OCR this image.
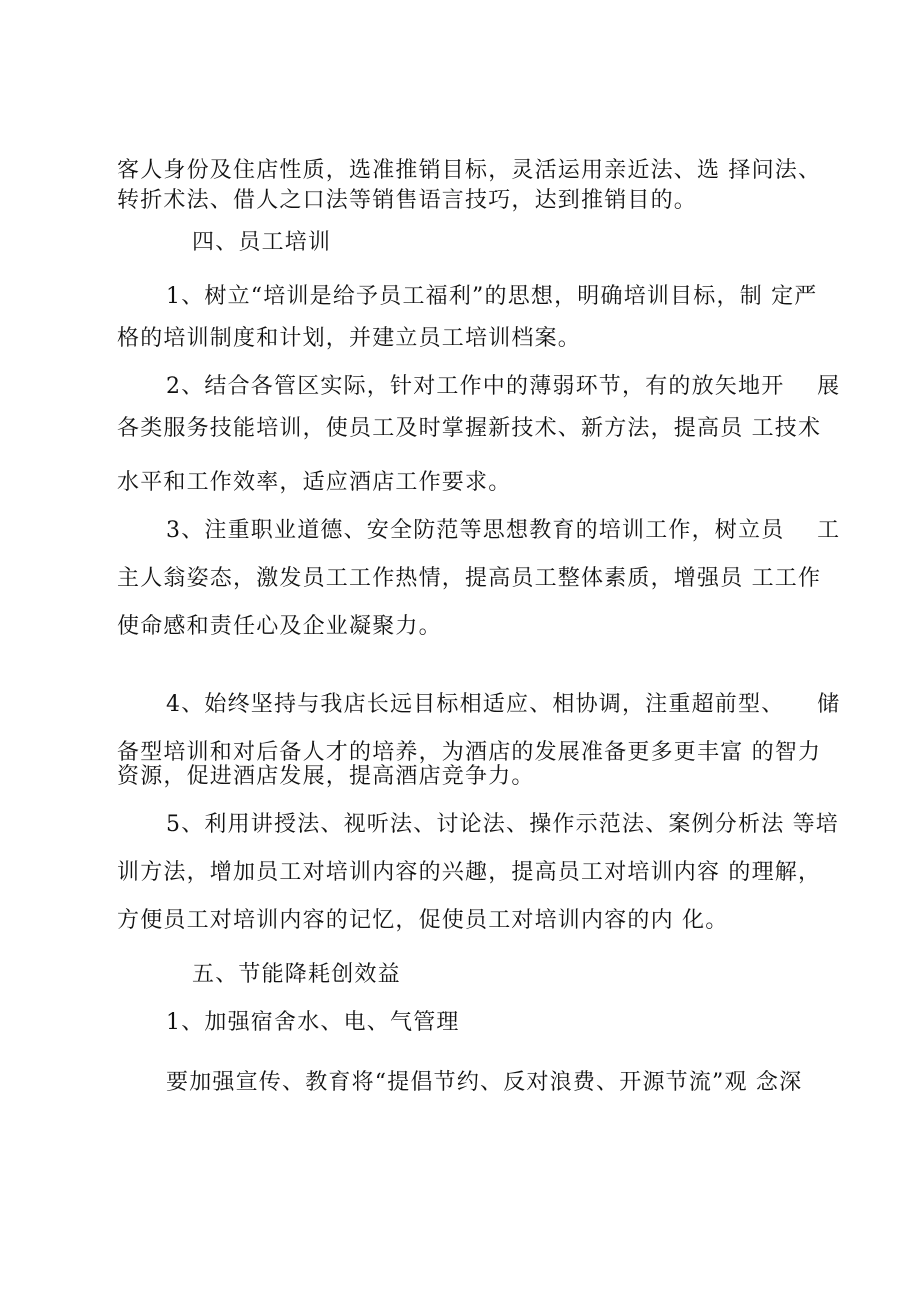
客人身份及住店性质，选准推销目标，灵活运用亲近法、选 择问法、
转折术法、借人之口法等销售语言技巧，达到推销目的。
四、员工培训
1、树立“培训是给予员工福利”的思想，明确培训目标，制 定严
格的培训制度和计划，并建立员工培训档案。
2、结合各管区实际，针对工作中的薄弱环节，有的放矢地开    展
各类服务技能培训，使员工及时掌握新技术、新方法，提高员 工技术
水平和工作效率，适应酒店工作要求。
3、注重职业道德、安全防范等思想教育的培训工作，树立员    工
主人翁姿态，激发员工工作热情，提高员工整体素质，增强员 工工作
使命感和责任心及企业凝聚力。
4、始终坚持与我店长远目标相适应、相协调，注重超前型、    储
备型培训和对后备人才的培养，为酒店的发展准备更多更丰富 的智力
资源，促进酒店发展，提高酒店竞争力。
5、利用讲授法、视听法、讨论法、操作示范法、案例分析法 等培
训方法，增加员工对培训内容的兴趣，提高员工对培训内容 的理解，
方便员工对培训内容的记忆，促使员工对培训内容的内 化。
五、节能降耗创效益
1、加强宿舍水、电、气管理
要加强宣传、教育将“提倡节约、反对浪费、开源节流”观 念深
